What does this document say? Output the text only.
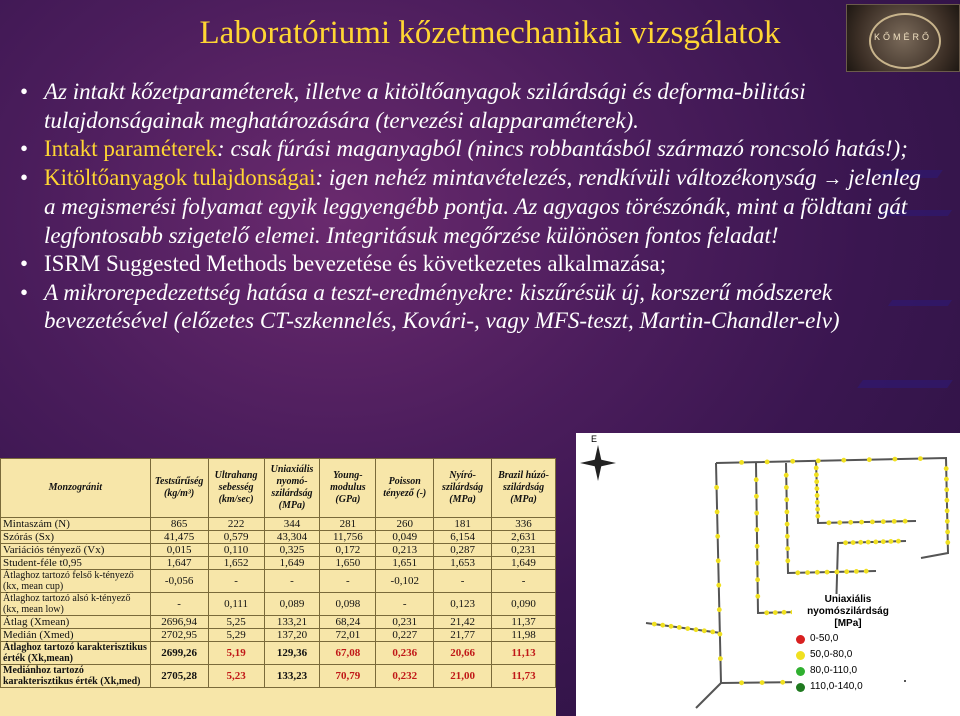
Laboratóriumi kőzetmechanikai vizsgálatok	KŐMÉRŐ
• Az intakt kőzetparaméterek, illetve a kitöltőanyagok szilárdsági és deforma-bilitási tulajdonságainak meghatározására (tervezési alapparaméterek).
• Intakt paraméterek: csak fúrási maganyagból (nincs robbantásból származó roncsoló hatás!);
• Kitöltőanyagok tulajdonságai: igen nehéz mintavételezés, rendkívüli változékonyság → jelenleg a megismerési folyamat egyik leggyengébb pontja. Az agyagos törészónák, mint a földtani gát legfontosabb szigetelő elemei. Integritásuk megőrzése különösen fontos feladat!
• ISRM Suggested Methods bevezetése és következetes alkalmazása;
• A mikrorepedezettség hatása a teszt-eredményekre: kiszűrésük új, korszerű módszerek bevezetésével (előzetes CT-szkennelés, Kovári-, vagy MFS-teszt, Martin-Chandler-elv)
Monzogránit	Testsűrűség (kg/m³)	Ultrahang sebesség (km/sec)	Uniaxiális nyomó-szilárdság (MPa)	Young-modulus (GPa)	Poisson tényező (-)	Nyíró-szilárdság (MPa)	Brazil húzó-szilárdság (MPa)
Mintaszám (N)	865	222	344	281	260	181	336
Szórás (Sx)	41,475	0,579	43,304	11,756	0,049	6,154	2,631
Variációs tényező (Vx)	0,015	0,110	0,325	0,172	0,213	0,287	0,231
Student-féle t0,95	1,647	1,652	1,649	1,650	1,651	1,653	1,649
Átlaghoz tartozó felső k-tényező (kx, mean cup)	-0,056	-	-	-	-0,102	-	-
Átlaghoz tartozó alsó k-tényező (kx, mean low)	-	0,111	0,089	0,098	-	0,123	0,090
Átlag (Xmean)	2696,94	5,25	133,21	68,24	0,231	21,42	11,37
Medián (Xmed)	2702,95	5,29	137,20	72,01	0,227	21,77	11,98
Átlaghoz tartozó karakterisztikus érték (Xk,mean)	2699,26	5,19	129,36	67,08	0,236	20,66	11,13
Mediánhoz tartozó karakterisztikus érték (Xk,med)	2705,28	5,23	133,23	70,79	0,232	21,00	11,73
E
Uniaxiális
nyomószilárdság
[MPa]
0-50,0
50,0-80,0
80,0-110,0
110,0-140,0
